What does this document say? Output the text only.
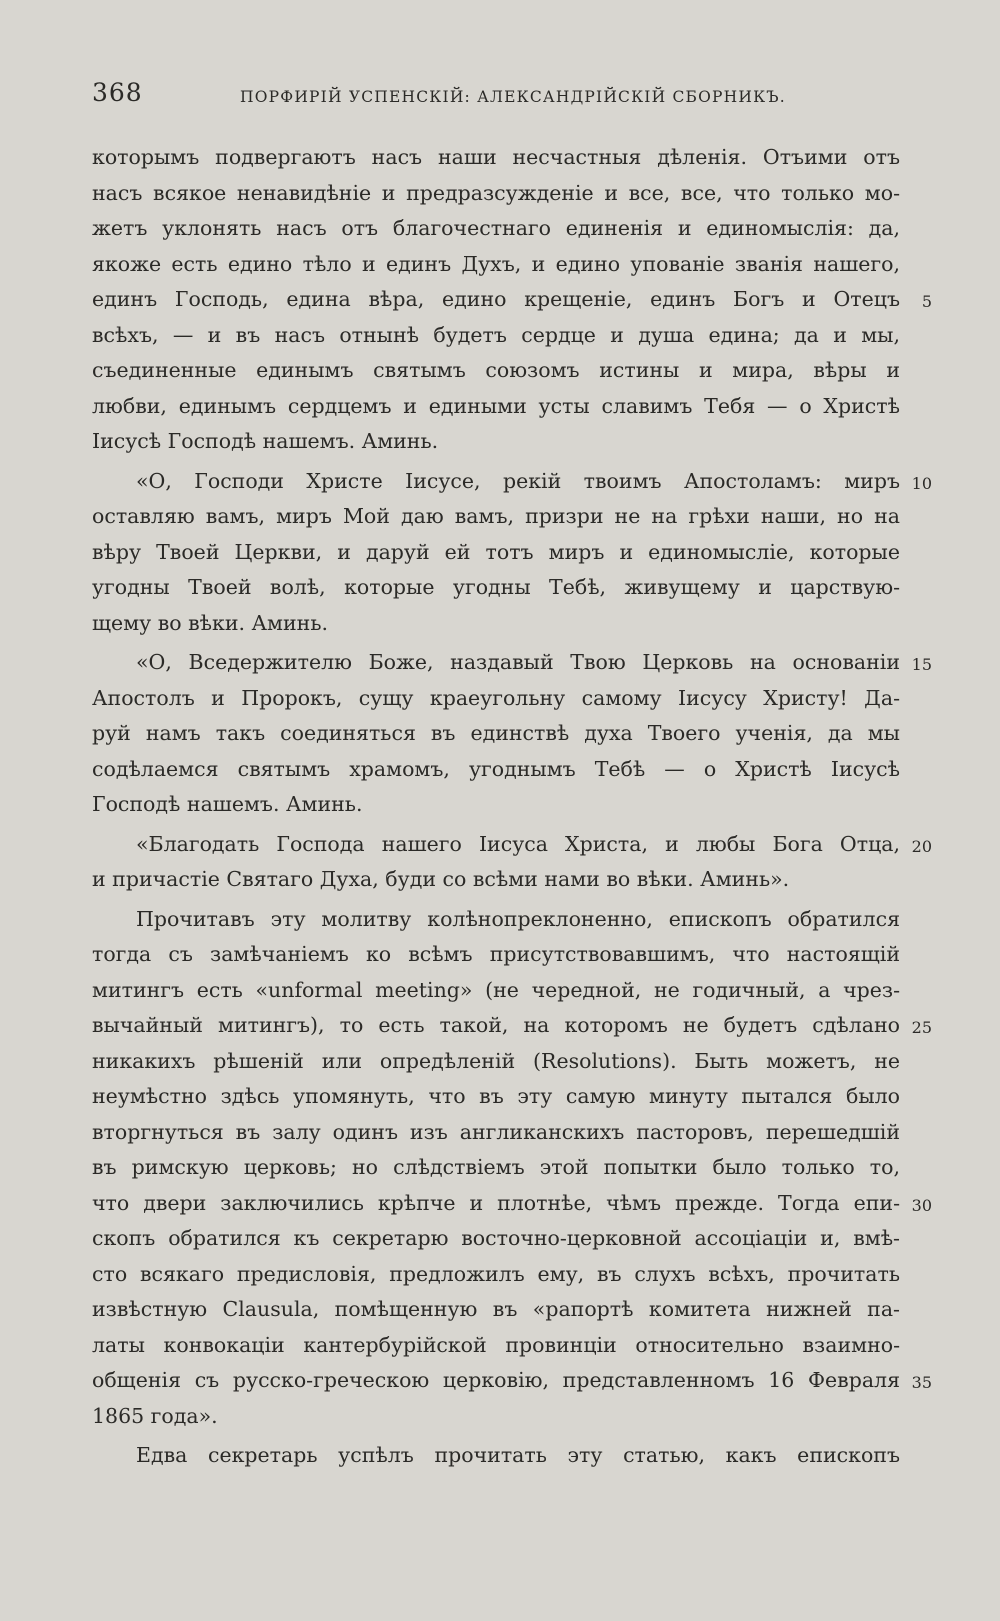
368	ПОРФИРІЙ УСПЕНСКІЙ: АЛЕКСАНДРІЙСКІЙ СБОРНИКЪ.
которымъ подвергаютъ насъ наши несчастныя дѣленія. Отъими отъ
насъ всякое ненавидѣніе и предразсужденіе и все, все, что только мо-
жетъ уклонять насъ отъ благочестнаго единенія и единомыслія: да,
якоже есть едино тѣло и единъ Духъ, и едино упованіе званія нашего,
единъ Господь, едина вѣра, едино крещеніе, единъ Богъ и Отецъ	5
всѣхъ, — и въ насъ отнынѣ будетъ сердце и душа едина; да и мы,
съединенные единымъ святымъ союзомъ истины и мира, вѣры и
любви, единымъ сердцемъ и едиными усты славимъ Тебя — о Христѣ
Іисусѣ Господѣ нашемъ. Аминь.
«О, Господи Христе Іисусе, рекій твоимъ Апостоламъ: миръ 10
оставляю вамъ, миръ Мой даю вамъ, призри не на грѣхи наши, но на
вѣру Твоей Церкви, и даруй ей тотъ миръ и единомысліе, которые
угодны Твоей волѣ, которые угодны Тебѣ, живущему и царствую-
щему во вѣки. Аминь.
«О, Вседержителю Боже, наздавый Твою Церковь на основаніи 15
Апостолъ и Пророкъ, сущу краеугольну самому Іисусу Христу! Да-
руй намъ такъ соединяться въ единствѣ духа Твоего ученія, да мы
содѣлаемся святымъ храмомъ, угоднымъ Тебѣ — о Христѣ Іисусѣ
Господѣ нашемъ. Аминь.
«Благодать Господа нашего Іисуса Христа, и любы Бога Отца, 20
и причастіе Святаго Духа, буди со всѣми нами во вѣки. Аминь».
Прочитавъ эту молитву колѣнопреклоненно, епископъ обратился
тогда съ замѣчаніемъ ко всѣмъ присутствовавшимъ, что настоящій
митингъ есть «unformal meeting» (не чередной, не годичный, а чрез-
вычайный митингъ), то есть такой, на которомъ не будетъ сдѣлано 25
никакихъ рѣшеній или опредѣленій (Resolutions). Быть можетъ, не
неумѣстно здѣсь упомянуть, что въ эту самую минуту пытался было
вторгнуться въ залу одинъ изъ англиканскихъ пасторовъ, перешедшій
въ римскую церковь; но слѣдствіемъ этой попытки было только то,
что двери заключились крѣпче и плотнѣе, чѣмъ прежде. Тогда епи- 30
скопъ обратился къ секретарю восточно-церковной ассоціаціи и, вмѣ-
сто всякаго предисловія, предложилъ ему, въ слухъ всѣхъ, прочитать
извѣстную Clausula, помѣщенную въ «рапортѣ комитета нижней па-
латы конвокаціи кантербурійской провинціи относительно взаимно-
общенія съ русско-греческою церковію, представленномъ 16 Февраля 35
1865 года».
Едва секретарь успѣлъ прочитать эту статью, какъ епископъ
